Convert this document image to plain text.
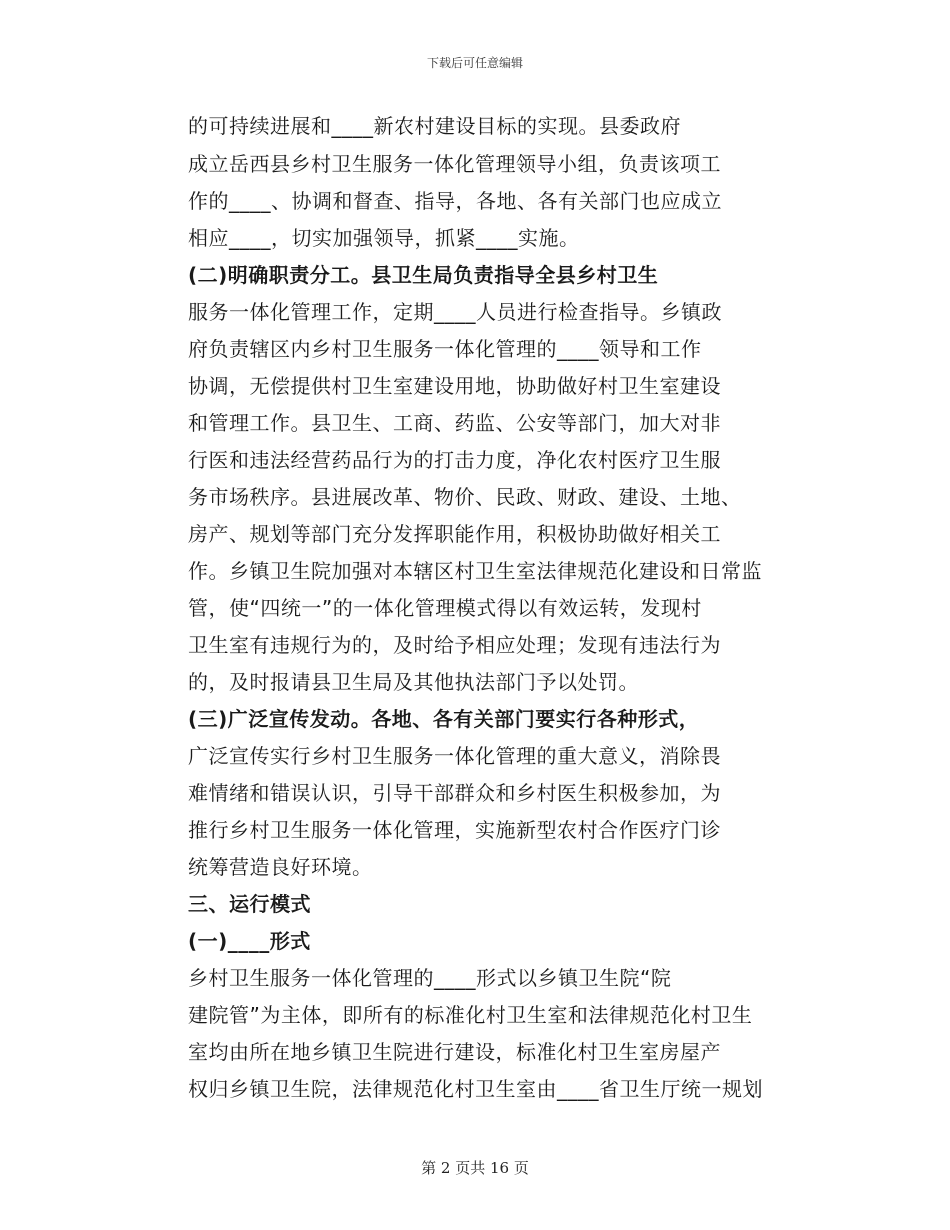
下载后可任意编辑
的可持续进展和____新农村建设目标的实现。县委政府
成立岳西县乡村卫生服务一体化管理领导小组，负责该项工
作的____、协调和督查、指导，各地、各有关部门也应成立
相应____，切实加强领导，抓紧____实施。
(二)明确职责分工。县卫生局负责指导全县乡村卫生
服务一体化管理工作，定期____人员进行检查指导。乡镇政
府负责辖区内乡村卫生服务一体化管理的____领导和工作
协调，无偿提供村卫生室建设用地，协助做好村卫生室建设
和管理工作。县卫生、工商、药监、公安等部门，加大对非
行医和违法经营药品行为的打击力度，净化农村医疗卫生服
务市场秩序。县进展改革、物价、民政、财政、建设、土地、
房产、规划等部门充分发挥职能作用，积极协助做好相关工
作。乡镇卫生院加强对本辖区村卫生室法律规范化建设和日常监
管，使“四统一”的一体化管理模式得以有效运转，发现村
卫生室有违规行为的，及时给予相应处理；发现有违法行为
的，及时报请县卫生局及其他执法部门予以处罚。
(三)广泛宣传发动。各地、各有关部门要实行各种形式，
广泛宣传实行乡村卫生服务一体化管理的重大意义，消除畏
难情绪和错误认识，引导干部群众和乡村医生积极参加，为
推行乡村卫生服务一体化管理，实施新型农村合作医疗门诊
统筹营造良好环境。
三、运行模式
(一)____形式
乡村卫生服务一体化管理的____形式以乡镇卫生院“院
建院管”为主体，即所有的标准化村卫生室和法律规范化村卫生
室均由所在地乡镇卫生院进行建设，标准化村卫生室房屋产
权归乡镇卫生院，法律规范化村卫生室由____省卫生厅统一规划
第 2 页共 16 页
